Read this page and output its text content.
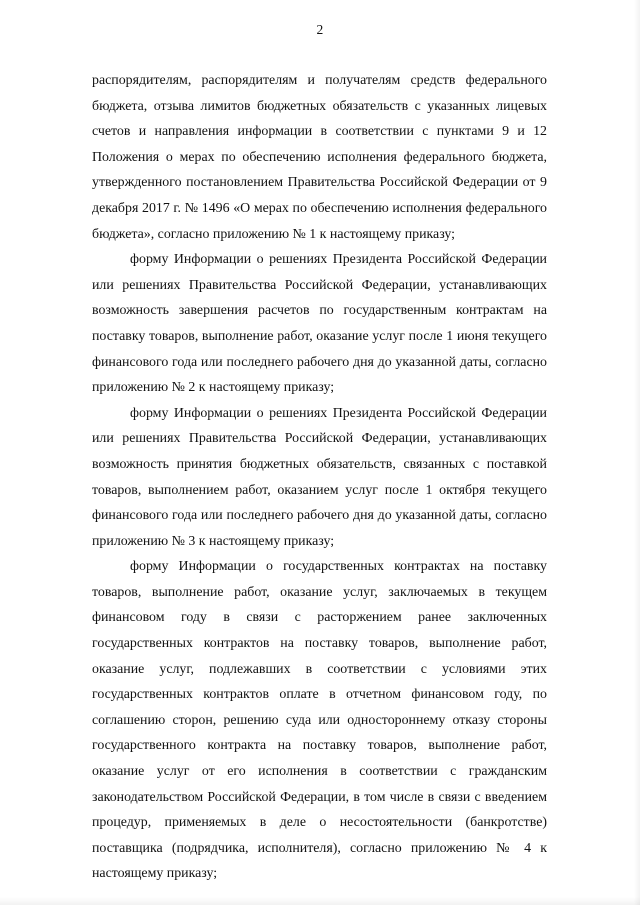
2

распорядителям, распорядителям и получателям средств федерального бюджета, отзыва лимитов бюджетных обязательств с указанных лицевых счетов и направления информации в соответствии с пунктами 9 и 12 Положения о мерах по обеспечению исполнения федерального бюджета, утвержденного постановлением Правительства Российской Федерации от 9 декабря 2017 г. № 1496 «О мерах по обеспечению исполнения федерального бюджета», согласно приложению № 1 к настоящему приказу;

форму Информации о решениях Президента Российской Федерации или решениях Правительства Российской Федерации, устанавливающих возможность завершения расчетов по государственным контрактам на поставку товаров, выполнение работ, оказание услуг после 1 июня текущего финансового года или последнего рабочего дня до указанной даты, согласно приложению № 2 к настоящему приказу;

форму Информации о решениях Президента Российской Федерации или решениях Правительства Российской Федерации, устанавливающих возможность принятия бюджетных обязательств, связанных с поставкой товаров, выполнением работ, оказанием услуг после 1 октября текущего финансового года или последнего рабочего дня до указанной даты, согласно приложению № 3 к настоящему приказу;

форму Информации о государственных контрактах на поставку товаров, выполнение работ, оказание услуг, заключаемых в текущем финансовом году в связи с расторжением ранее заключенных государственных контрактов на поставку товаров, выполнение работ, оказание услуг, подлежавших в соответствии с условиями этих государственных контрактов оплате в отчетном финансовом году, по соглашению сторон, решению суда или одностороннему отказу стороны государственного контракта на поставку товаров, выполнение работ, оказание услуг от его исполнения в соответствии с гражданским законодательством Российской Федерации, в том числе в связи с введением процедур, применяемых в деле о несостоятельности (банкротстве) поставщика (подрядчика, исполнителя), согласно приложению № 4 к настоящему приказу;
